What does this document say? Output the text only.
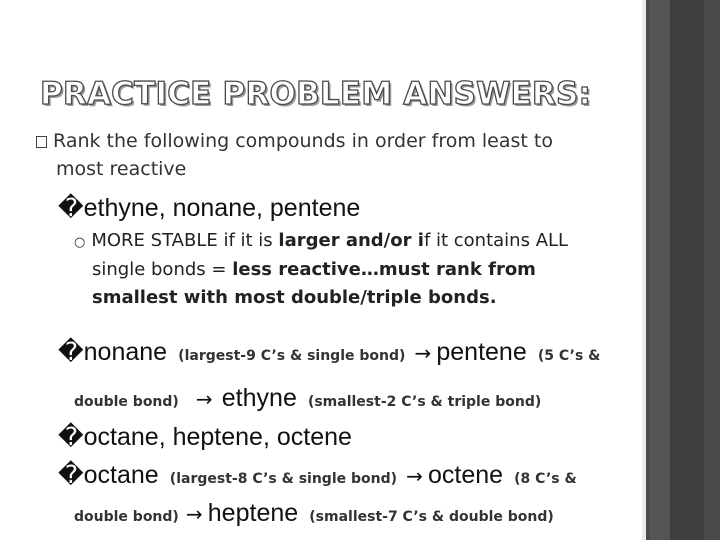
PRACTICE PROBLEM ANSWERS:
Rank the following compounds in order from least to
most reactive
�ethyne, nonane, pentene
○ MORE STABLE if it is larger and/or if it contains ALL
single bonds = less reactive…must rank from
smallest with most double/triple bonds.
�nonane (largest-9 C’s & single bond) → pentene (5 C’s &
double bond) → ethyne (smallest-2 C’s & triple bond)
�octane, heptene, octene
�octane (largest-8 C’s & single bond) → octene (8 C’s &
double bond) → heptene (smallest-7 C’s & double bond)
